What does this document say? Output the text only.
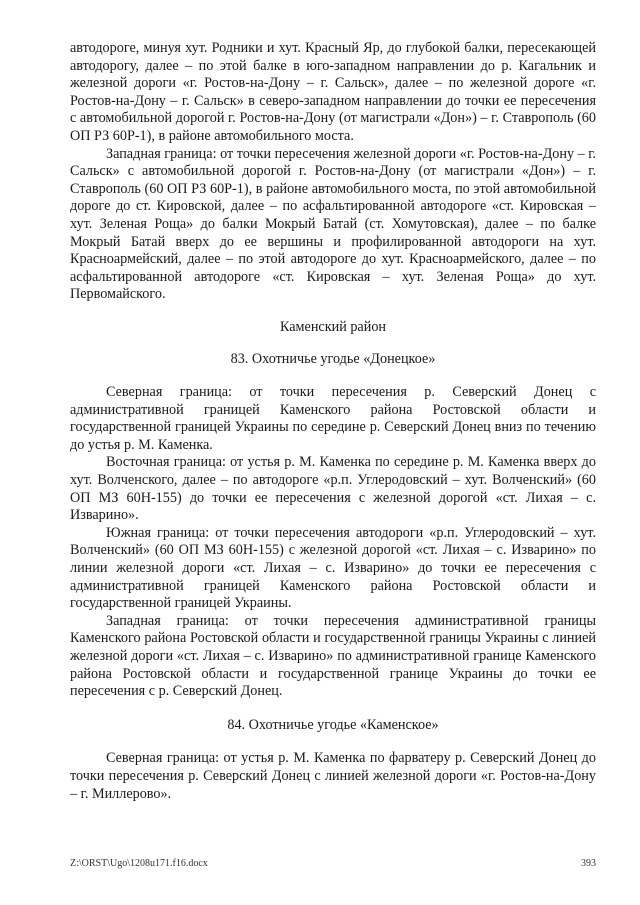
автодороге, минуя хут. Родники и хут. Красный Яр, до глубокой балки, пересекающей автодорогу, далее – по этой балке в юго-западном направлении до р. Кагальник и железной дороги «г. Ростов-на-Дону – г. Сальск», далее – по железной дороге «г. Ростов-на-Дону – г. Сальск» в северо-западном направлении до точки ее пересечения с автомобильной дорогой г. Ростов-на-Дону (от магистрали «Дон») – г. Ставрополь (60 ОП РЗ 60Р-1), в районе автомобильного моста.

Западная граница: от точки пересечения железной дороги «г. Ростов-на-Дону – г. Сальск» с автомобильной дорогой г. Ростов-на-Дону (от магистрали «Дон») – г. Ставрополь (60 ОП РЗ 60Р-1), в районе автомобильного моста, по этой автомобильной дороге до ст. Кировской, далее – по асфальтированной автодороге «ст. Кировская – хут. Зеленая Роща» до балки Мокрый Батай (ст. Хомутовская), далее – по балке Мокрый Батай вверх до ее вершины и профилированной автодороги на хут. Красноармейский, далее – по этой автодороге до хут. Красноармейского, далее – по асфальтированной автодороге «ст. Кировская – хут. Зеленая Роща» до хут. Первомайского.

Каменский район

83. Охотничье угодье «Донецкое»

Северная граница: от точки пересечения р. Северский Донец с административной границей Каменского района Ростовской области и государственной границей Украины по середине р. Северский Донец вниз по течению до устья р. М. Каменка.

Восточная граница: от устья р. М. Каменка по середине р. М. Каменка вверх до хут. Волченского, далее – по автодороге «р.п. Углеродовский – хут. Волченский» (60 ОП МЗ 60Н-155) до точки ее пересечения с железной дорогой «ст. Лихая – с. Изварино».

Южная граница: от точки пересечения автодороги «р.п. Углеродовский – хут. Волченский» (60 ОП МЗ 60Н-155) с железной дорогой «ст. Лихая – с. Изварино» по линии железной дороги «ст. Лихая – с. Изварино» до точки ее пересечения с административной границей Каменского района Ростовской области и государственной границей Украины.

Западная граница: от точки пересечения административной границы Каменского района Ростовской области и государственной границы Украины с линией железной дороги «ст. Лихая – с. Изварино» по административной границе Каменского района Ростовской области и государственной границе Украины до точки ее пересечения с р. Северский Донец.

84. Охотничье угодье «Каменское»

Северная граница: от устья р. М. Каменка по фарватеру р. Северский Донец до точки пересечения р. Северский Донец с линией железной дороги «г. Ростов-на-Дону – г. Миллерово».

Z:\ORST\Ugo\1208u171.f16.docx	393
